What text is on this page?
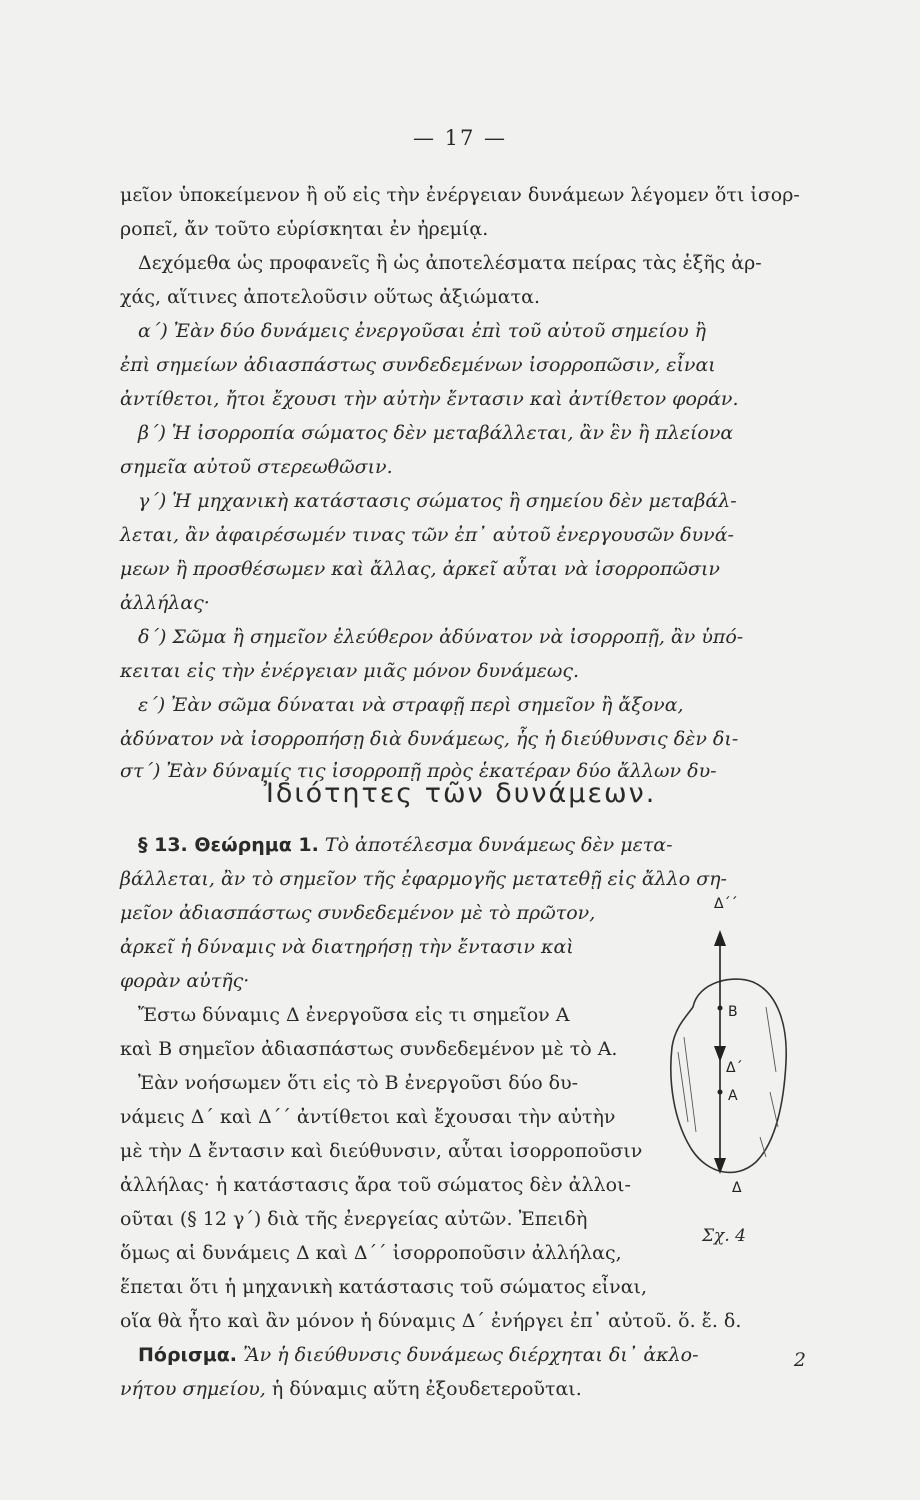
— 17 —
μεῖον ὑποκείμενον ἢ οὔ εἰς τὴν ἐνέργειαν δυνάμεων λέγομεν ὅτι ἰσορ-
ροπεῖ, ἄν τοῦτο εὑρίσκηται ἐν ἠρεμίᾳ.
Δεχόμεθα ὡς προφανεῖς ἢ ὡς ἀποτελέσματα πείρας τὰς ἑξῆς ἀρ-
χάς, αἵτινες ἀποτελοῦσιν οὕτως ἀξιώματα.
α΄) Ἐὰν δύο δυνάμεις ἐνεργοῦσαι ἐπὶ τοῦ αὐτοῦ σημείου ἢ
ἐπὶ σημείων ἀδιασπάστως συνδεδεμένων ἰσορροπῶσιν, εἶναι
ἀντίθετοι, ἤτοι ἔχουσι τὴν αὐτὴν ἔντασιν καὶ ἀντίθετον φοράν.
β΄) Ἡ ἰσορροπία σώματος δὲν μεταβάλλεται, ἂν ἓν ἢ πλείονα
σημεῖα αὐτοῦ στερεωθῶσιν.
γ΄) Ἡ μηχανικὴ κατάστασις σώματος ἢ σημείου δὲν μεταβάλ-
λεται, ἂν ἀφαιρέσωμέν τινας τῶν ἐπ᾿ αὐτοῦ ἐνεργουσῶν δυνά-
μεων ἢ προσθέσωμεν καὶ ἄλλας, ἀρκεῖ αὗται νὰ ἰσορροπῶσιν
ἀλλήλας·
δ΄) Σῶμα ἢ σημεῖον ἐλεύθερον ἀδύνατον νὰ ἰσορροπῇ, ἂν ὑπό-
κειται εἰς τὴν ἐνέργειαν μιᾶς μόνον δυνάμεως.
ε΄) Ἐὰν σῶμα δύναται νὰ στραφῇ περὶ σημεῖον ἢ ἄξονα,
ἀδύνατον νὰ ἰσορροπήσῃ διὰ δυνάμεως, ἧς ἡ διεύθυνσις δὲν δι-
Ἰδιότητες τῶν δυνάμεων.
§ 13. Θεώρημα 1. Τὸ ἀποτέλεσμα δυνάμεως δὲν μετα-
βάλλεται, ἂν τὸ σημεῖον τῆς ἐφαρμογῆς μετατεθῇ εἰς ἄλλο ση-
μεῖον ἀδιασπάστως συνδεδεμένον μὲ τὸ πρῶτον,
ἀρκεῖ ἡ δύναμις νὰ διατηρήσῃ τὴν ἔντασιν καὶ
φορὰν αὐτῆς·
Ἔστω δύναμις Δ ἐνεργοῦσα εἰς τι σημεῖον Α
καὶ Β σημεῖον ἀδιασπάστως συνδεδεμένον μὲ τὸ Α.
Ἐὰν νοήσωμεν ὅτι εἰς τὸ Β ἐνεργοῦσι δύο δυ-
νάμεις Δ΄ καὶ Δ΄΄ ἀντίθετοι καὶ ἔχουσαι τὴν αὐτὴν
μὲ τὴν Δ ἔντασιν καὶ διεύθυνσιν, αὗται ἰσορροποῦσιν
ἀλλήλας· ἡ κατάστασις ἄρα τοῦ σώματος δὲν ἀλλοι-
οῦται (§ 12 γ΄) διὰ τῆς ἐνεργείας αὐτῶν. Ἐπειδὴ
ὅμως αἱ δυνάμεις Δ καὶ Δ΄΄ ἰσορροποῦσιν ἀλλήλας,
ἕπεται ὅτι ἡ μηχανικὴ κατάστασις τοῦ σώματος εἶναι,
οἵα θὰ ἦτο καὶ ἂν μόνον ἡ δύναμις Δ΄ ἐνήργει ἐπ᾿ αὐτοῦ. ὅ. ἔ. δ.
Πόρισμα. Ἂν ἡ διεύθυνσις δυνάμεως διέρχηται δι᾿ ἀκλο-
νήτου σημείου, ἡ δύναμις αὕτη ἐξουδετεροῦται.
Δ΄΄
Β
Δ΄
Α
Δ
Σχ. 4
2
στ΄) Ἐὰν δύναμίς τις ἰσορροπῇ πρὸς ἑκατέραν δύο ἄλλων δυ-
